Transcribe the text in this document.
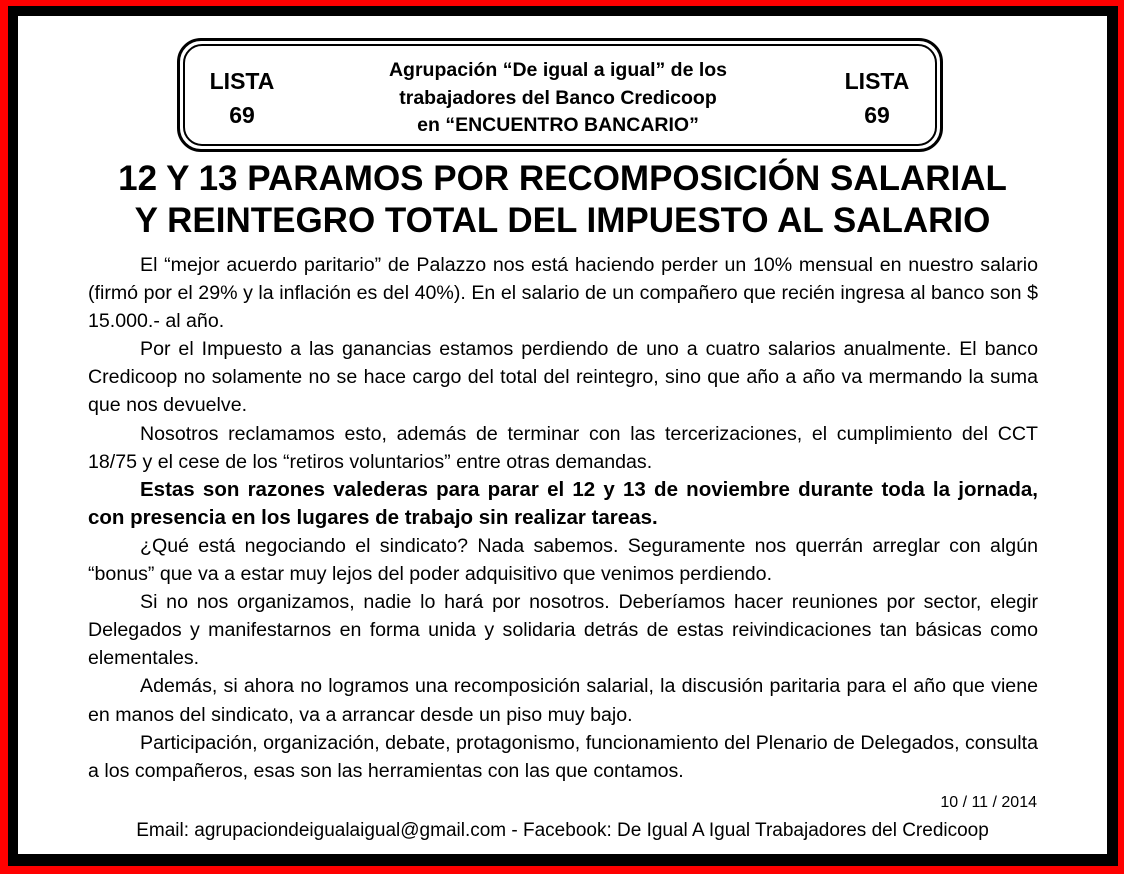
LISTA
69
Agrupación “De igual a igual” de los
trabajadores del Banco Credicoop
en “ENCUENTRO BANCARIO”
LISTA
69
12 Y 13 PARAMOS POR RECOMPOSICIÓN SALARIAL
Y REINTEGRO TOTAL DEL IMPUESTO AL SALARIO

El “mejor acuerdo paritario” de Palazzo nos está haciendo perder un 10% mensual en nuestro salario (firmó por el 29% y la inflación es del 40%). En el salario de un compañero que recién ingresa al banco son $ 15.000.- al año.

Por el Impuesto a las ganancias estamos perdiendo de uno a cuatro salarios anualmente. El banco Credicoop no solamente no se hace cargo del total del reintegro, sino que año a año va mermando la suma que nos devuelve.

Nosotros reclamamos esto, además de terminar con las tercerizaciones, el cumplimiento del CCT 18/75 y el cese de los “retiros voluntarios” entre otras demandas.

Estas son razones valederas para parar el 12 y 13 de noviembre durante toda la jornada, con presencia en los lugares de trabajo sin realizar tareas.

¿Qué está negociando el sindicato? Nada sabemos. Seguramente nos querrán arreglar con algún “bonus” que va a estar muy lejos del poder adquisitivo que venimos perdiendo.

Si no nos organizamos, nadie lo hará por nosotros. Deberíamos hacer reuniones por sector, elegir Delegados y manifestarnos en forma unida y solidaria detrás de estas reivindicaciones tan básicas como elementales.

Además, si ahora no logramos una recomposición salarial, la discusión paritaria para el año que viene en manos del sindicato, va a arrancar desde un piso muy bajo.

Participación, organización, debate, protagonismo, funcionamiento del Plenario de Delegados, consulta a los compañeros, esas son las herramientas con las que contamos.

10 / 11 / 2014
Email: agrupaciondeigualaigual@gmail.com - Facebook: De Igual A Igual Trabajadores del Credicoop
